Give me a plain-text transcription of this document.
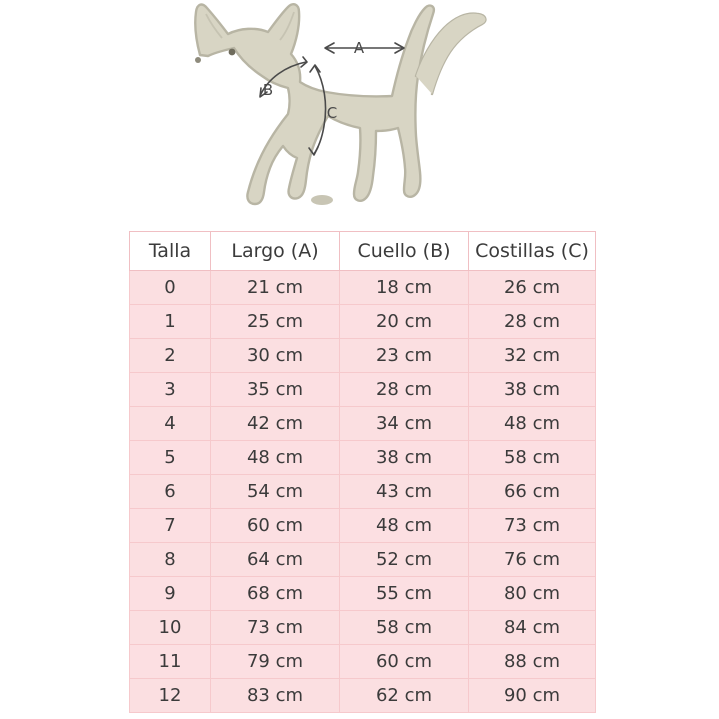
A
B
C
Talla	Largo (A)	Cuello (B)	Costillas (C)
0	21 cm	18 cm	26 cm
1	25 cm	20 cm	28 cm
2	30 cm	23 cm	32 cm
3	35 cm	28 cm	38 cm
4	42 cm	34 cm	48 cm
5	48 cm	38 cm	58 cm
6	54 cm	43 cm	66 cm
7	60 cm	48 cm	73 cm
8	64 cm	52 cm	76 cm
9	68 cm	55 cm	80 cm
10	73 cm	58 cm	84 cm
11	79 cm	60 cm	88 cm
12	83 cm	62 cm	90 cm
